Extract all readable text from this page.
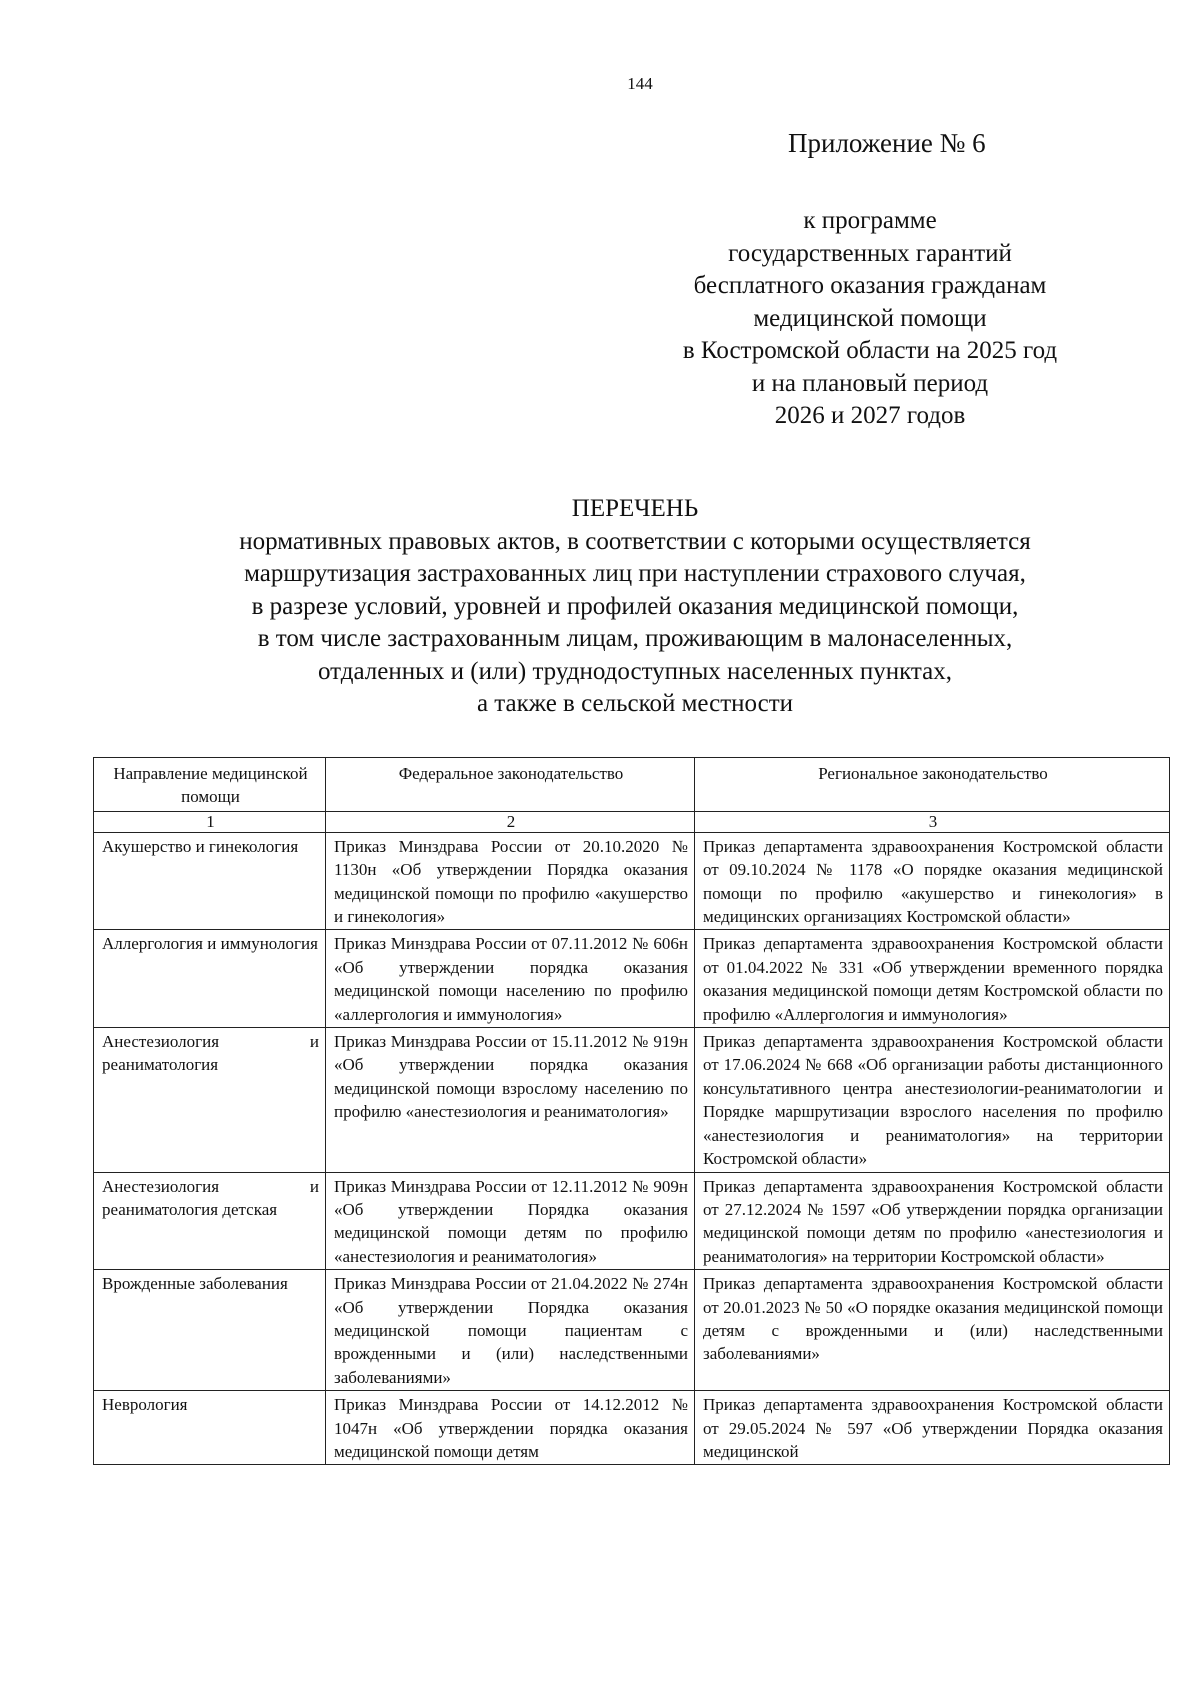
144
Приложение № 6
к программе
государственных гарантий
бесплатного оказания гражданам
медицинской помощи
в Костромской области на 2025 год
и на плановый период
2026 и 2027 годов
ПЕРЕЧЕНЬ
нормативных правовых актов, в соответствии с которыми осуществляется
маршрутизация застрахованных лиц при наступлении страхового случая,
в разрезе условий, уровней и профилей оказания медицинской помощи,
в том числе застрахованным лицам, проживающим в малонаселенных,
отдаленных и (или) труднодоступных населенных пунктах,
а также в сельской местности
Направление медицинской помощи	Федеральное законодательство	Региональное законодательство
1	2	3
Акушерство и гинекология	Приказ Минздрава России от 20.10.2020 № 1130н «Об утверждении Порядка оказания медицинской помощи по профилю «акушерство и гинекология»	Приказ департамента здравоохранения Костромской области от 09.10.2024 № 1178 «О порядке оказания медицинской помощи по профилю «акушерство и гинекология» в медицинских организациях Костромской области»
Аллергология и иммунология	Приказ Минздрава России от 07.11.2012 № 606н «Об утверждении порядка оказания медицинской помощи населению по профилю «аллергология и иммунология»	Приказ департамента здравоохранения Костромской области от 01.04.2022 № 331 «Об утверждении временного порядка оказания медицинской помощи детям Костромской области по профилю «Аллергология и иммунология»
Анестезиология и реаниматология	Приказ Минздрава России от 15.11.2012 № 919н «Об утверждении порядка оказания медицинской помощи взрослому населению по профилю «анестезиология и реаниматология»	Приказ департамента здравоохранения Костромской области от 17.06.2024 № 668 «Об организации работы дистанционного консультативного центра анестезиологии-реаниматологии и Порядке маршрутизации взрослого населения по профилю «анестезиология и реаниматология» на территории Костромской области»
Анестезиология и реаниматология детская	Приказ Минздрава России от 12.11.2012 № 909н «Об утверждении Порядка оказания медицинской помощи детям по профилю «анестезиология и реаниматология»	Приказ департамента здравоохранения Костромской области от 27.12.2024 № 1597 «Об утверждении порядка организации медицинской помощи детям по профилю «анестезиология и реаниматология» на территории Костромской области»
Врожденные заболевания	Приказ Минздрава России от 21.04.2022 № 274н «Об утверждении Порядка оказания медицинской помощи пациентам с врожденными и (или) наследственными заболеваниями»	Приказ департамента здравоохранения Костромской области от 20.01.2023 № 50 «О порядке оказания медицинской помощи детям с врожденными и (или) наследственными заболеваниями»
Неврология	Приказ Минздрава России от 14.12.2012 № 1047н «Об утверждении порядка оказания медицинской помощи детям	Приказ департамента здравоохранения Костромской области от 29.05.2024 № 597 «Об утверждении Порядка оказания медицинской
